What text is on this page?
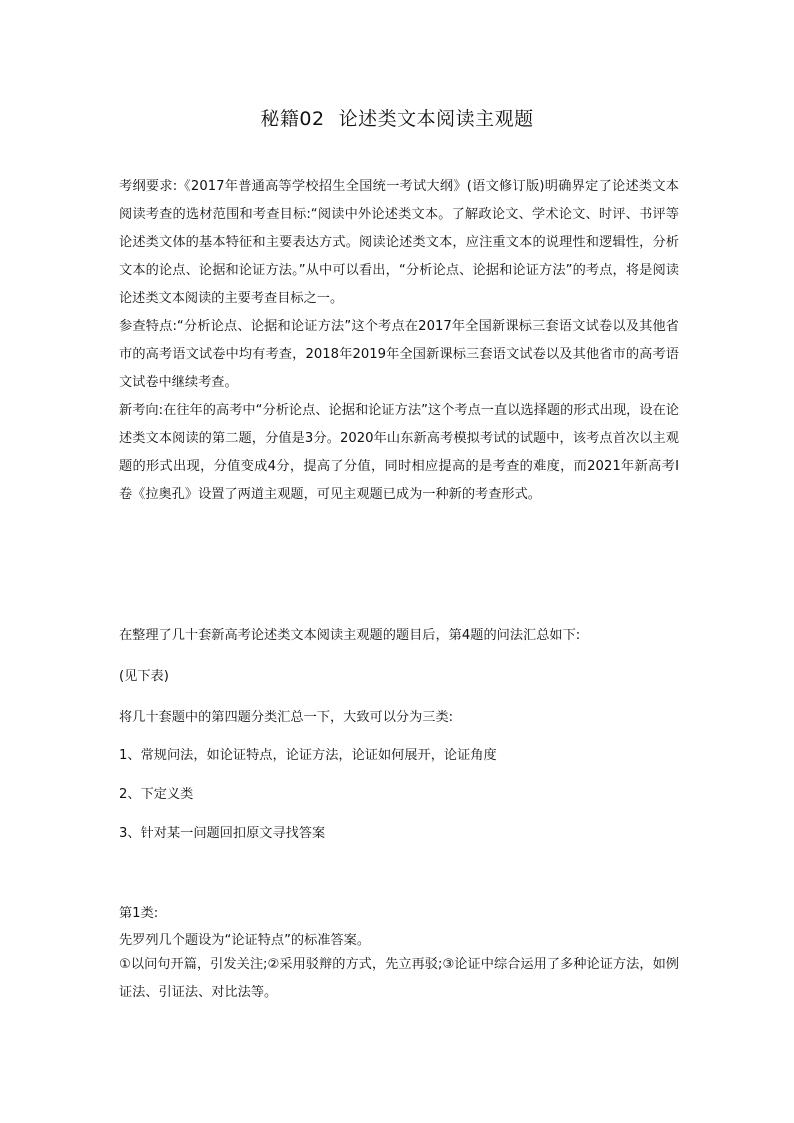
秘籍02 论述类文本阅读主观题

考纲要求:《2017年普通高等学校招生全国统一考试大纲》(语文修订版)明确界定了论述类文本阅读考查的选材范围和考查目标:“阅读中外论述类文本。了解政论文、学术论文、时评、书评等论述类文体的基本特征和主要表达方式。阅读论述类文本，应注重文本的说理性和逻辑性，分析文本的论点、论据和论证方法。”从中可以看出，“分析论点、论据和论证方法”的考点，将是阅读论述类文本阅读的主要考查目标之一。

参查特点:“分析论点、论据和论证方法”这个考点在2017年全国新课标三套语文试卷以及其他省市的高考语文试卷中均有考查，2018年2019年全国新课标三套语文试卷以及其他省市的高考语文试卷中继续考查。

新考向:在往年的高考中“分析论点、论据和论证方法”这个考点一直以选择题的形式出现，设在论述类文本阅读的第二题，分值是3分。2020年山东新高考模拟考试的试题中，该考点首次以主观题的形式出现，分值变成4分，提高了分值，同时相应提高的是考查的难度，而2021年新高考Ⅰ卷《拉奥孔》设置了两道主观题，可见主观题已成为一种新的考查形式。

在整理了几十套新高考论述类文本阅读主观题的题目后，第4题的问法汇总如下:
(见下表)
将几十套题中的第四题分类汇总一下，大致可以分为三类:
1、常规问法，如论证特点，论证方法，论证如何展开，论证角度
2、下定义类
3、针对某一问题回扣原文寻找答案
第1类:
先罗列几个题设为“论证特点”的标准答案。

①以问句开篇，引发关注;②采用驳辩的方式，先立再驳;③论证中综合运用了多种论证方法，如例证法、引证法、对比法等。
